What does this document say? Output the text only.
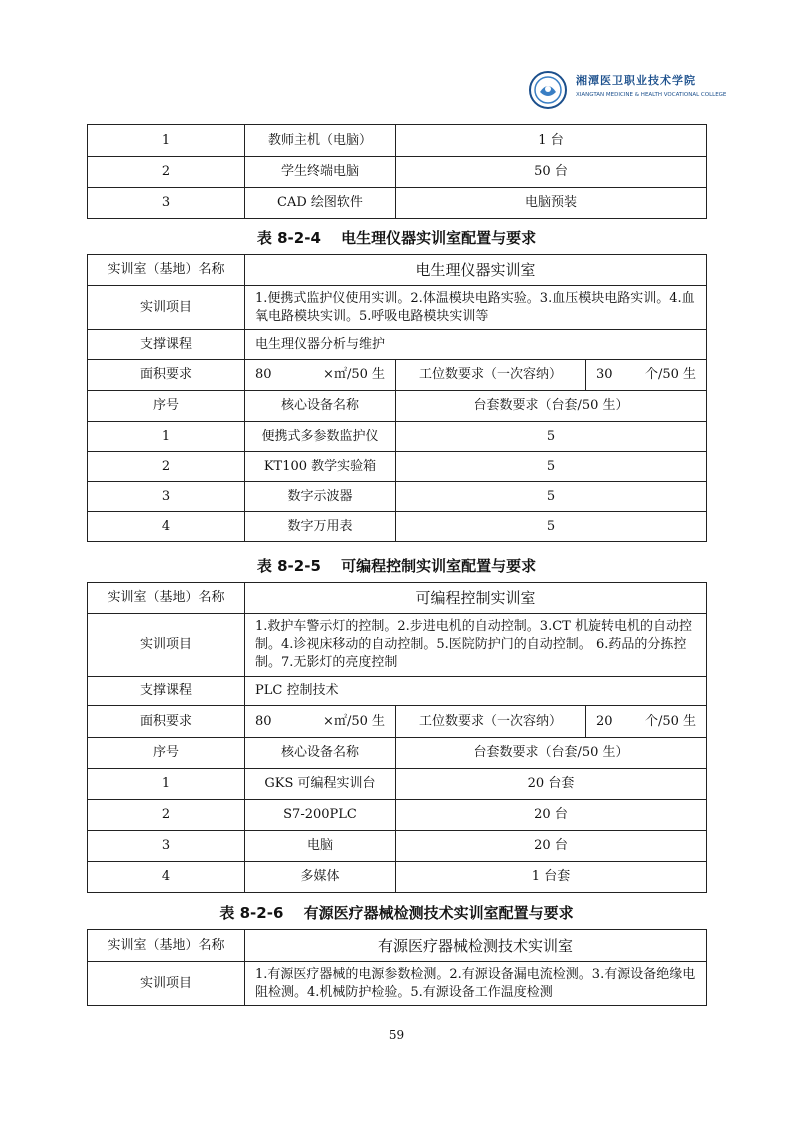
湘潭医卫职业技术学院
XIANGTAN MEDICINE & HEALTH VOCATIONAL COLLEGE
1	教师主机（电脑）	1 台
2	学生终端电脑	50 台
3	CAD 绘图软件	电脑预装
表 8-2-4　 电生理仪器实训室配置与要求
实训室（基地）名称	电生理仪器实训室		
实训项目	1.便携式监护仪使用实训。2.体温模块电路实验。3.血压模块电路实训。4.血氧电路模块实训。5.呼吸电路模块实训等		
支撑课程	电生理仪器分析与维护		
面积要求	80 ×㎡/50 生	工位数要求（一次容纳）	30 个/50 生

序号	核心设备名称	台套数要求（台套/50 生）	
1	便携式多参数监护仪	5	
2	KT100 教学实验箱	5	
3	数字示波器	5	
4	数字万用表	5	
表 8-2-5　 可编程控制实训室配置与要求
实训室（基地）名称	可编程控制实训室		
实训项目	1.救护车警示灯的控制。2.步进电机的自动控制。3.CT 机旋转电机的自动控制。4.诊视床移动的自动控制。5.医院防护门的自动控制。 6.药品的分拣控制。7.无影灯的亮度控制		
支撑课程	PLC 控制技术		
面积要求	80 ×㎡/50 生	工位数要求（一次容纳）	20 个/50 生

序号	核心设备名称	台套数要求（台套/50 生）	
1	GKS 可编程实训台	20 台套	
2	S7-200PLC	20 台	
3	电脑	20 台	
4	多媒体	1 台套	
表 8-2-6　 有源医疗器械检测技术实训室配置与要求
实训室（基地）名称	有源医疗器械检测技术实训室
实训项目	1.有源医疗器械的电源参数检测。2.有源设备漏电流检测。3.有源设备绝缘电阻检测。4.机械防护检验。5.有源设备工作温度检测
59
